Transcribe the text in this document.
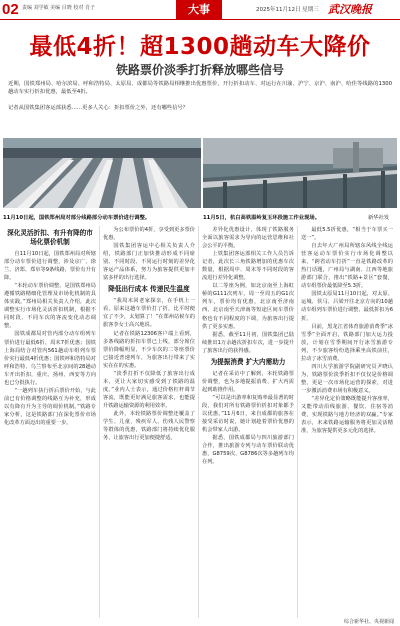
02 责编 刘学敏 美编 目晓 校对 肖子	大事	2025年11月12日 星期三 武汉晚报
最低4折！超1300趟动车大降价
铁路票价淡季打折释放哪些信号
近期，国铁郑州局、哈尔滨局、呼和浩特局、太原局、成都局等铁路局相继推出优惠票价，开行折扣动车、对运行在川渝、沪宁、京沪、南沪、哈佳等线路的1300趟动车实行折扣优惠，最低至4折。
记者从国铁集团客运部获悉……更多人关心：折扣票价之外，还有哪些信号？
11月10日起，国铁郑州局对部分线路部分动车票价进行调整。	11月5日，杭白高铁温岭复玉环段施工作业现场。	新华社发
深化灵活折扣、有升有降的市场化票价机制

自11月10日起，国铁郑州局对所辖部分动车票价进行调整，涉及京广、徐兰、济郑、郑阜等9条线路，票价有升有降。

“本轮动车票价调整，是国铁郑州局遵循铁路精细化管理及市场化机制的具体实践。”郑州局相关负责人介绍，此次调整实行市场化灵活折扣机制，根据不同时段、不同车次的客流变化动态调整。

国铁成都局对管内部分动车组列车票价进行最低6折、周末7折优惠；国铁上海局结合对管内561趟动车组列车票价实行最低4折优惠；国铁呼和浩特局对呼和浩特、乌兰察布至北京间的28趟动车开出折扣，重庆、扬州、西安等方向也已分批执行。

“一趟列车执行折后票价开始，与此前已有价格调整的线路互为补充，形成以有降有升为主导的调价机制。”铁路专家分析，这是铁路部门在深化票价市场化改革方面迈出的重要一步。

为公布票价的4折，享受到更多票价优惠。

国铁集团客运中心相关负责人介绍，铁路部门正加快推动形成不同席别、不同时段、不同运行时刻的差异化客运产品体系，努力为旅客提供更加丰富多样的出行选择。

降低出行成本 传递民生温度

“我周末回老家探亲，在手机上一看，原来这趟车票价打了折，比平时便宜了不少，太划算了！”在郑州站候车的旅客李女士高兴地说。

记者在铁路12306客户端上看到，多条线路的折扣车票已上线，部分席位票价降幅明显，不少车次的二等座票价已接近普速列车，为旅客出行带来了实实在在的实惠。

“淡季打折不仅降低了旅客出行成本，更让大家切实感受到了铁路的温度。”业内人士表示，通过价格杠杆调节客流，既能更好满足旅客需求，也能提升铁路运输资源的利用效率。

此外，本轮铁路票价调整还覆盖了学生、儿童、残疾军人、伤残人民警察等群体的优惠，铁路部门将持续优化服务，让旅客出行更加便捷舒适。

差异化优惠设计，体现了铁路服务全面以旅客需求为导向的运营思维和社会公平的平衡。

上铁集团客运部相关工作人员告诉记者，此次长三角铁路增加的优惠车次数量，根据周中、周末等不同时段的客流进行差异化调整。

以二等座为例，如北京南至上海虹桥的G111次列车，周一至周五的G1次列车，票价均有优惠，北京南至济南西、北京南至天津南等短途区间车票价格也有不同程度的下调，为旅客出行提供了更多实惠。

据悉，截至11月初，国铁集团已陆续推出1万余趟次折扣车次，进一步提升了旅客出行的获得感。

为提振消费 扩大内需助力

记者在采访中了解到，本轮铁路票价调整，也为多地提振消费、扩大内需起到助推作用。

“可以是出游率和复购率最显著的时段，我们对所有铁路票价折扣对象都予以优惠。”11月6日，来自成都的旅客在接受采访时说，她计划趁着票价优惠的机会带家人出游。

据悉，国铁成都局与四川旅游部门合作，推出旅游专列与动车票价联动优惠，G8759次、G8786次等多趟列车均在列。

最低5.5折优惠，“相当于车票买一送一”。

自去年大广州局所辖东风线全线运营客运动车票价实行市场化调整以来，“跨省动车打折”一直是铁路改革的热门话题，广州局与湖南、江西等地旅游部门联合，推出“铁路+景区”套餐，动车组票价最低降至5.3折。

国铁太原局11月10日起，对太原、运城、侯马、吕梁开往北京方向的10趟动车组列车票价进行调整，最低折扣为6折。

目前，黑龙江省体育旅游消费季“冰雪季”全面开启，铁路部门加大运力投放，计划在雪季期间开行冰雪旅游专列，不少旅客纷纷选择乘坐高铁前往，拉动了冰雪消费。

四川大学旅游学院副研究员尹晓认为，铁路票价淡季折扣不仅仅是价格调整，更是一次市场化运营的探索，对进一步激活消费市场有积极意义。

“差异化定价策略既能提升客座率，又能带动沿线旅游、餐饮、住宿等消费，实现铁路与地方经济的双赢。”专家表示，未来铁路运输服务将更加灵活精准，为旅客提供更多元化的选择。

综合新华社、央视新闻
